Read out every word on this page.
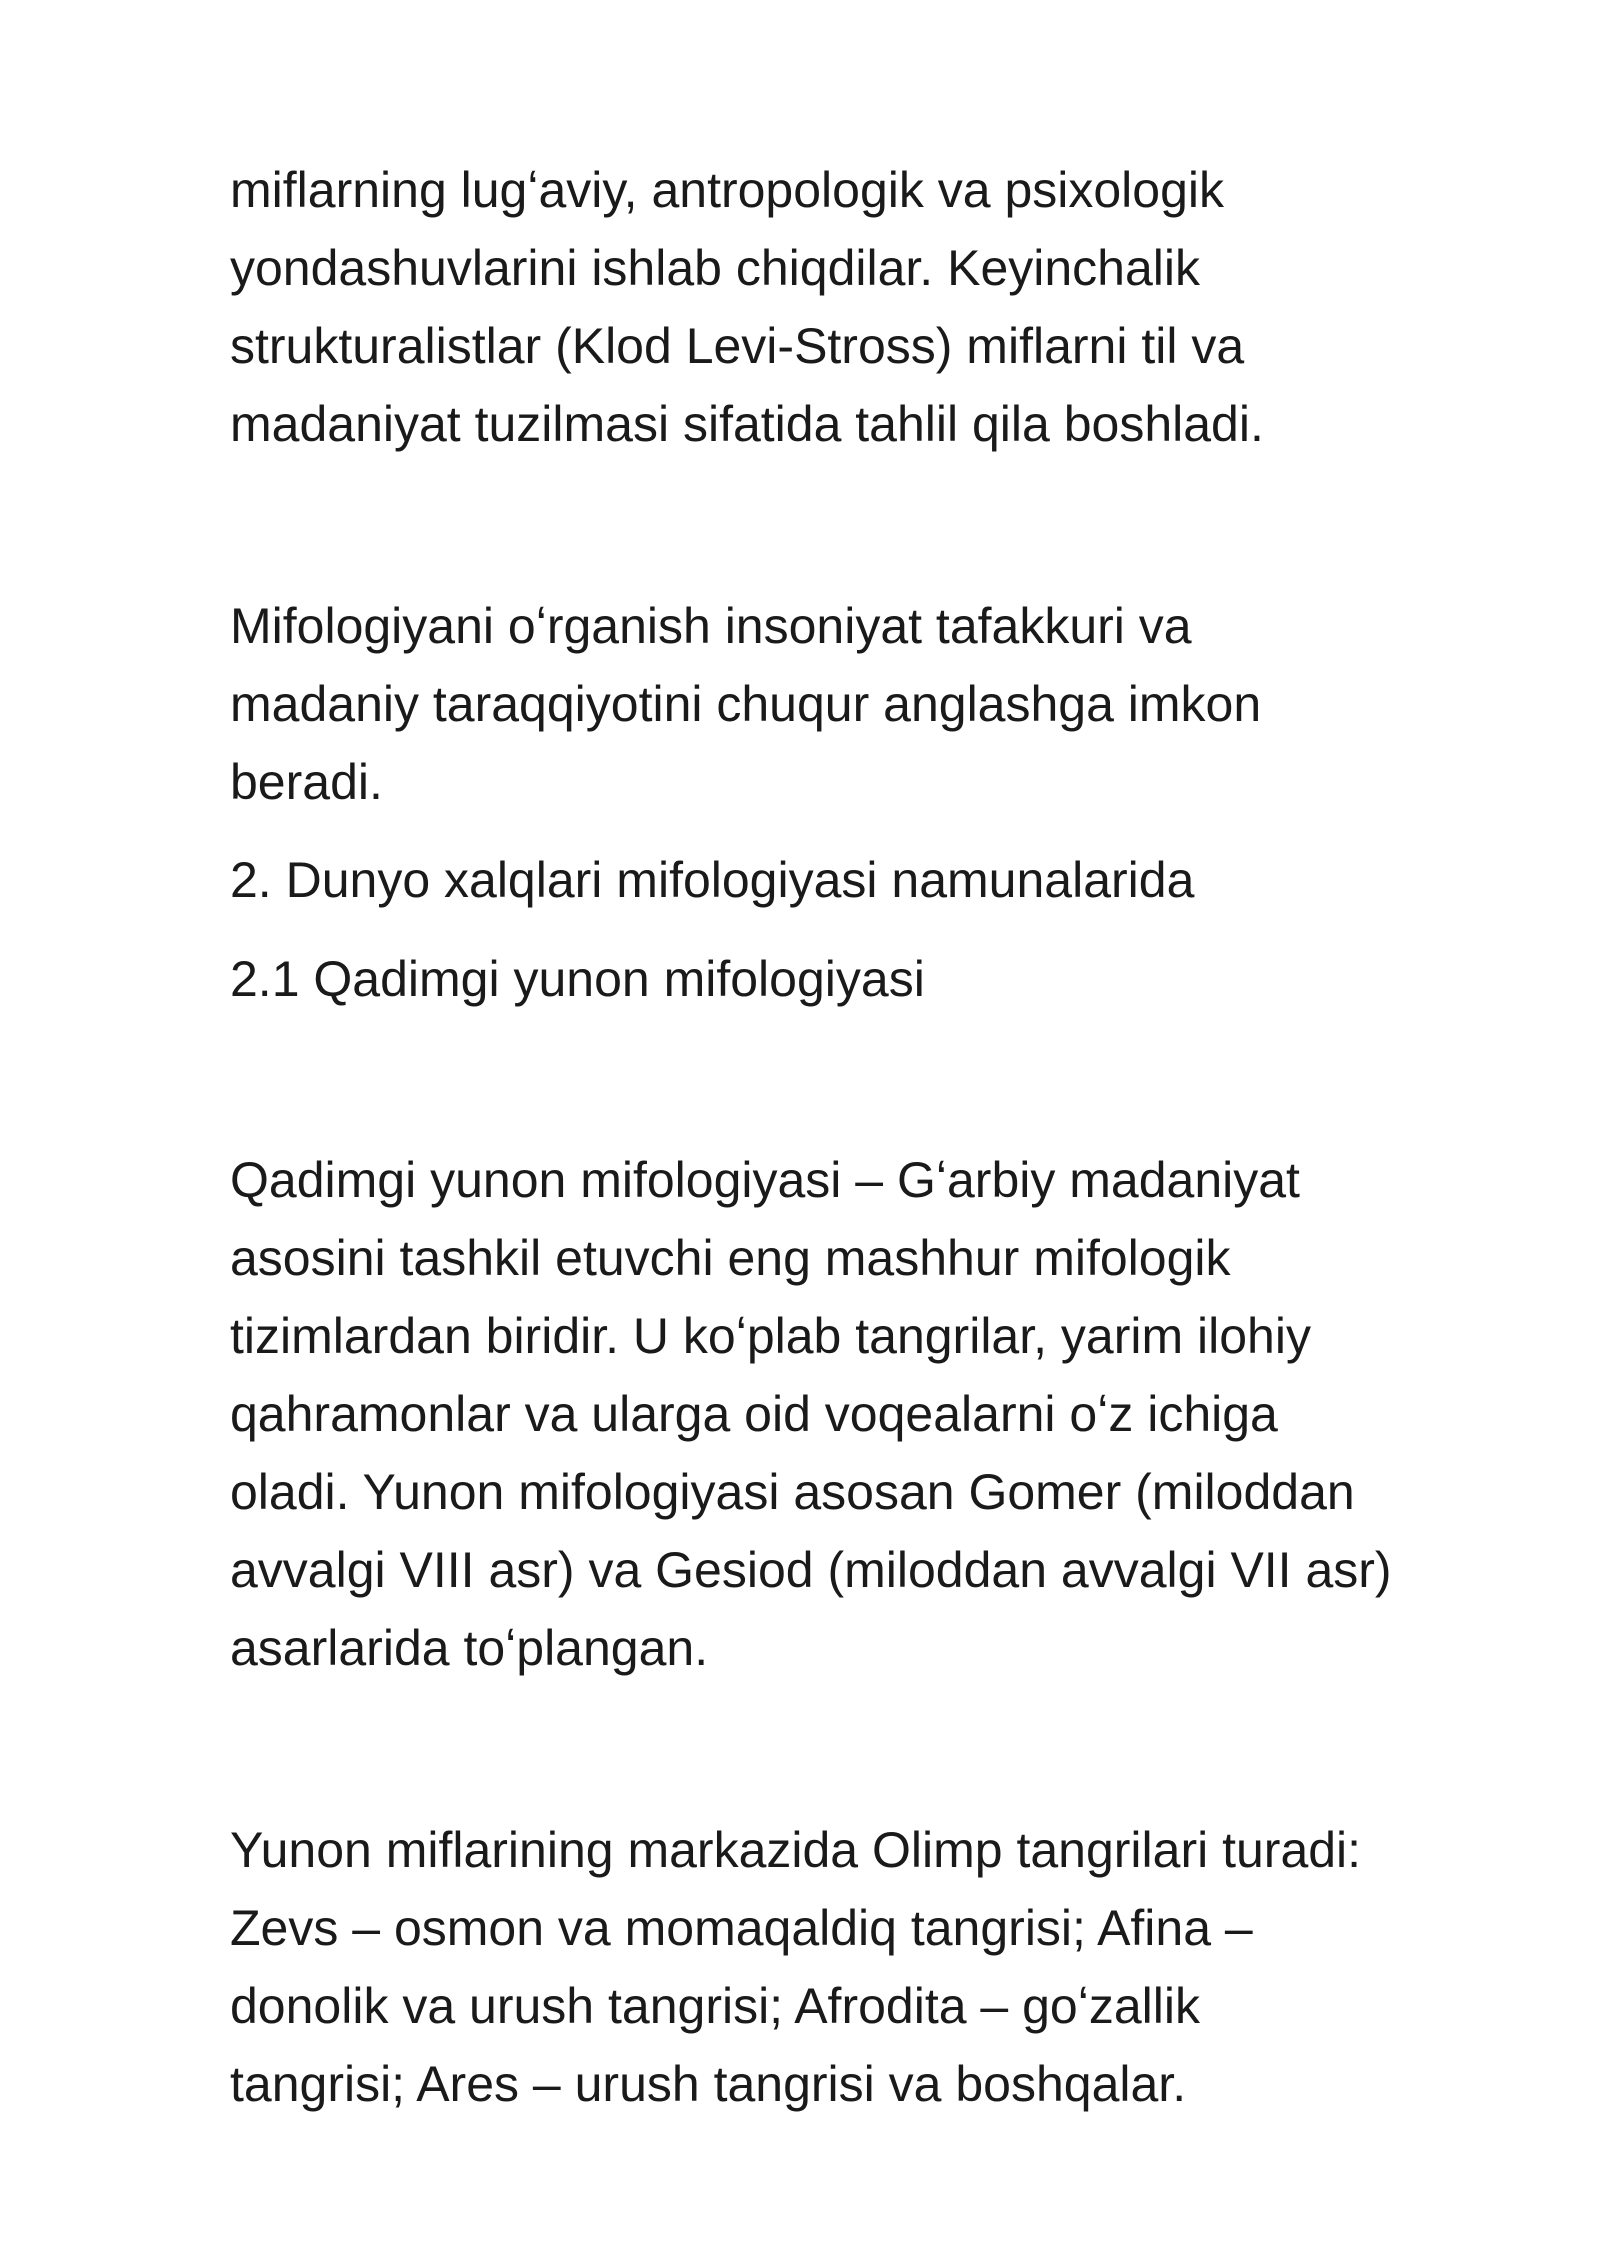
miflarning lugʻaviy, antropologik va psixologik
yondashuvlarini ishlab chiqdilar. Keyinchalik
strukturalistlar (Klod Levi-Stross) miflarni til va
madaniyat tuzilmasi sifatida tahlil qila boshladi.

Mifologiyani oʻrganish insoniyat tafakkuri va
madaniy taraqqiyotini chuqur anglashga imkon
beradi.

2. Dunyo xalqlari mifologiyasi namunalarida

2.1 Qadimgi yunon mifologiyasi

Qadimgi yunon mifologiyasi – Gʻarbiy madaniyat
asosini tashkil etuvchi eng mashhur mifologik
tizimlardan biridir. U koʻplab tangrilar, yarim ilohiy
qahramonlar va ularga oid voqealarni oʻz ichiga
oladi. Yunon mifologiyasi asosan Gomer (miloddan
avvalgi VIII asr) va Gesiod (miloddan avvalgi VII asr)
asarlarida toʻplangan.

Yunon miflarining markazida Olimp tangrilari turadi:
Zevs – osmon va momaqaldiq tangrisi; Afina –
donolik va urush tangrisi; Afrodita – goʻzallik
tangrisi; Ares – urush tangrisi va boshqalar.
